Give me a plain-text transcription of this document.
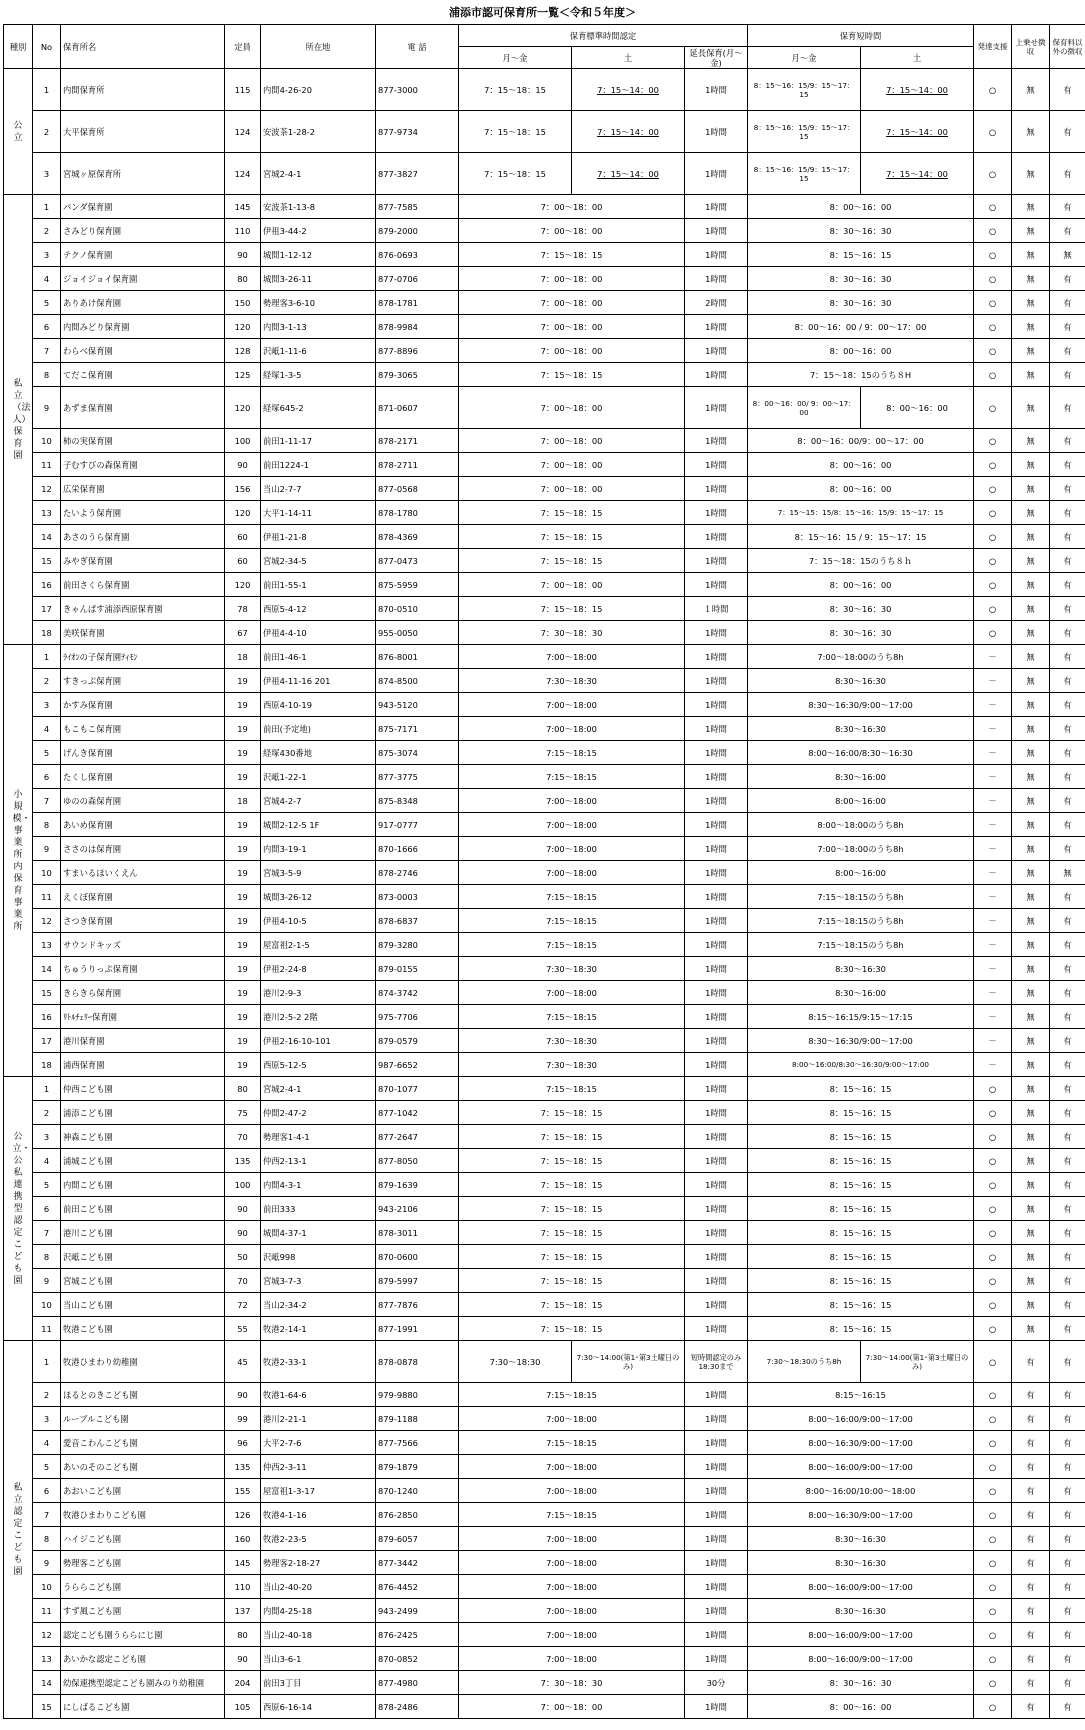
浦添市認可保育所一覧＜令和５年度＞
種別	No	保育所名	定員	所在地	電 話	保育標準時間認定			保育短時間		発達支援	上乗せ徴収	保育料以外の徴収
						月～金	土	延長保育(月～金)	月～金	土			

公立	1	内間保育所	115	内間4-26-20	877-3000	7：15～18：15	7：15～14：00	1時間	8：15～16：15/9：15～17：15	7：15～14：00	○	無	有
	2	大平保育所	124	安波茶1-28-2	877-9734	7：15～18：15	7：15～14：00	1時間	8：15～16：15/9：15～17：15	7：15～14：00	○	無	有
	3	宮城ヶ原保育所	124	宮城2-4-1	877-3827	7：15～18：15	7：15～14：00	1時間	8：15～16：15/9：15～17：15	7：15～14：00	○	無	有

私立（法人）保育園	1	パンダ保育園	145	安波茶1-13-8	877-7585	7：00～18：00		1時間	8：00～16：00		○	無	有
	2	さみどり保育園	110	伊祖3-44-2	879-2000	7：00～18：00		1時間	8：30～16：30		○	無	有
	3	テクノ保育園	90	城間1-12-12	876-0693	7：15～18：15		1時間	8：15～16：15		○	無	無
	4	ジョイジョイ保育園	80	城間3-26-11	877-0706	7：00～18：00		1時間	8：30～16：30		○	無	有
	5	ありあけ保育園	150	勢理客3-6-10	878-1781	7：00～18：00		2時間	8：30～16：30		○	無	有
	6	内間みどり保育園	120	内間3-1-13	878-9984	7：00～18：00		1時間	8：00～16：00 / 9：00～17：00		○	無	有
	7	わらべ保育園	128	沢岻1-11-6	877-8896	7：00～18：00		1時間	8：00～16：00		○	無	有
	8	てだこ保育園	125	経塚1-3-5	879-3065	7：15～18：15		1時間	7：15～18：15のうち８H		○	無	有
	9	あずま保育園	120	経塚645-2	871-0607	7：00～18：00		1時間	8：00～16：00/ 9：00～17：00	8：00～16：00	○	無	有
	10	柿の実保育園	100	前田1-11-17	878-2171	7：00～18：00		1時間	8：00～16：00/9：00～17：00		○	無	有
	11	子むすびの森保育園	90	前田1224-1	878-2711	7：00～18：00		1時間	8：00～16：00		○	無	有
	12	広栄保育園	156	当山2-7-7	877-0568	7：00～18：00		1時間	8：00～16：00		○	無	有
	13	たいよう保育園	120	大平1-14-11	878-1780	7：15～18：15		1時間	7：15～15：15/8：15～16：15/9：15～17：15		○	無	有
	14	あさのうら保育園	60	伊祖1-21-8	878-4369	7：15～18：15		1時間	8：15～16：15 / 9：15～17：15		○	無	有
	15	みやぎ保育園	60	宮城2-34-5	877-0473	7：15～18：15		1時間	7：15～18：15のうち８ｈ		○	無	有
	16	前田さくら保育園	120	前田1-55-1	875-5959	7：00～18：00		1時間	8：00～16：00		○	無	有
	17	きゃんぱす浦添西原保育園	78	西原5-4-12	870-0510	7：15～18：15		１時間	8：30～16：30		○	無	有
	18	美咲保育園	67	伊祖4-4-10	955-0050	7：30～18：30		1時間	8：30～16：30		○	無	有

小規模・事業所内保育事業所	1	ﾗｲｵﾝの子保育園ﾃｨﾓﾝ	18	前田1-46-1	876-8001	7:00～18:00		1時間	7:00～18:00のうち8h		－	無	有
	2	すきっぷ保育園	19	伊祖4-11-16 201	874-8500	7:30～18:30		1時間	8:30～16:30		－	無	有
	3	かすみ保育園	19	西原4-10-19	943-5120	7:00～18:00		1時間	8:30～16:30/9:00～17:00		－	無	有
	4	もこもこ保育園	19	前田(予定地)	875-7171	7:00～18:00		1時間	8:30～16:30		－	無	有
	5	げんき保育園	19	経塚430番地	875-3074	7:15～18:15		1時間	8:00～16:00/8:30～16:30		－	無	有
	6	たくし保育園	19	沢岻1-22-1	877-3775	7:15～18:15		1時間	8:30～16:00		－	無	有
	7	ゆのの森保育園	18	宮城4-2-7	875-8348	7:00～18:00		1時間	8:00～16:00		－	無	有
	8	あいめ保育園	19	城間2-12-5 1F	917-0777	7:00～18:00		1時間	8:00～18:00のうち8h		－	無	有
	9	ささのは保育園	19	内間3-19-1	870-1666	7:00～18:00		1時間	7:00～18:00のうち8h		－	無	有
	10	すまいるほいくえん	19	宮城3-5-9	878-2746	7:00～18:00		1時間	8:00～16:00		－	無	無
	11	えくぼ保育園	19	城間3-26-12	873-0003	7:15～18:15		1時間	7:15～18:15のうち8h		－	無	有
	12	さつき保育園	19	伊祖4-10-5	878-6837	7:15～18:15		1時間	7:15～18:15のうち8h		－	無	有
	13	サウンドキッズ	19	屋富祖2-1-5	879-3280	7:15～18:15		1時間	7:15～18:15のうち8h		－	無	有
	14	ちゅうりっぷ保育園	19	伊祖2-24-8	879-0155	7:30～18:30		1時間	8:30～16:30		－	無	有
	15	きらきら保育園	19	港川2-9-3	874-3742	7:00～18:00		1時間	8:30～16:00		－	無	有
	16	ﾘﾄﾙﾁｪﾘｰ保育園	19	港川2-5-2 2階	975-7706	7:15～18:15		1時間	8:15～16:15/9:15～17:15		－	無	有
	17	港川保育園	19	伊祖2-16-10-101	879-0579	7:30～18:30		1時間	8:30～16:30/9:00～17:00		－	無	有
	18	浦西保育園	19	西原5-12-5	987-6652	7:30～18:30		1時間	8:00～16:00/8:30～16:30/9:00～17:00		－	無	有

公立・公私連携型認定こども園	1	仲西こども園	80	宮城2-4-1	870-1077	7:15～18:15		1時間	8：15～16：15		○	無	有
	2	浦添こども園	75	仲間2-47-2	877-1042	7：15～18：15		1時間	8：15～16：15		○	無	有
	3	神森こども園	70	勢理客1-4-1	877-2647	7：15～18：15		1時間	8：15～16：15		○	無	有
	4	浦城こども園	135	仲西2-13-1	877-8050	7：15～18：15		1時間	8：15～16：15		○	無	有
	5	内間こども園	100	内間4-3-1	879-1639	7：15～18：15		1時間	8：15～16：15		○	無	有
	6	前田こども園	90	前田333	943-2106	7：15～18：15		1時間	8：15～16：15		○	無	有
	7	港川こども園	90	城間4-37-1	878-3011	7：15～18：15		1時間	8：15～16：15		○	無	有
	8	沢岻こども園	50	沢岻998	870-0600	7：15～18：15		1時間	8：15～16：15		○	無	有
	9	宮城こども園	70	宮城3-7-3	879-5997	7：15～18：15		1時間	8：15～16：15		○	無	有
	10	当山こども園	72	当山2-34-2	877-7876	7：15～18：15		1時間	8：15～16：15		○	無	有
	11	牧港こども園	55	牧港2-14-1	877-1991	7：15～18：15		1時間	8：15～16：15		○	無	有

私立認定こども園	1	牧港ひまわり幼稚園	45	牧港2-33-1	878-0878	7:30～18:30	7:30～14:00(第1･第3土曜日のみ)	短時間認定のみ18:30まで	7:30～18:30のうち8h	7:30～14:00(第1･第3土曜日のみ)	○	有	有
	2	ほるとのきこども園	90	牧港1-64-6	979-9880	7:15～18:15		1時間	8:15～16:15		○	有	有
	3	ルーブルこども園	99	港川2-21-1	879-1188	7:00～18:00		1時間	8:00～16:00/9:00～17:00		○	有	有
	4	愛音こわんこども園	96	大平2-7-6	877-7566	7:15～18:15		1時間	8:00～16:30/9:00～17:00		○	有	有
	5	あいのそのこども園	135	仲西2-3-11	879-1879	7:00～18:00		1時間	8:00～16:00/9:00～17:00		○	有	有
	6	あおいこども園	155	屋富祖1-3-17	870-1240	7:00～18:00		1時間	8:00～16:00/10:00～18:00		○	有	有
	7	牧港ひまわりこども園	126	牧港4-1-16	876-2850	7:15～18:15		1時間	8:00～16:30/9:00～17:00		○	有	有
	8	ハイジこども園	160	牧港2-23-5	879-6057	7:00～18:00		1時間	8:30～16:30		○	有	有
	9	勢理客こども園	145	勢理客2-18-27	877-3442	7:00～18:00		1時間	8:30～16:30		○	有	有
	10	うららこども園	110	当山2-40-20	876-4452	7:00～18:00		1時間	8:00～16:00/9:00～17:00		○	有	有
	11	すず風こども園	137	内間4-25-18	943-2499	7:00～18:00		1時間	8:30～16:30		○	有	有
	12	認定こども園うららにじ園	80	当山2-40-18	876-2425	7:00～18:00		1時間	8:00～16:00/9:00～17:00		○	有	有
	13	あいかな認定こども園	90	当山3-6-1	870-0852	7:00～18:00		1時間	8:00～16:00/9:00～17:00		○	有	有
	14	幼保連携型認定こども園みのり幼稚園	204	前田3丁目	877-4980	7：30～18：30		30分	8：30～16：30		○	有	有
	15	にしばるこども園	105	西原6-16-14	878-2486	7：00～18：00		1時間	8：00～16：00		○	有	有
